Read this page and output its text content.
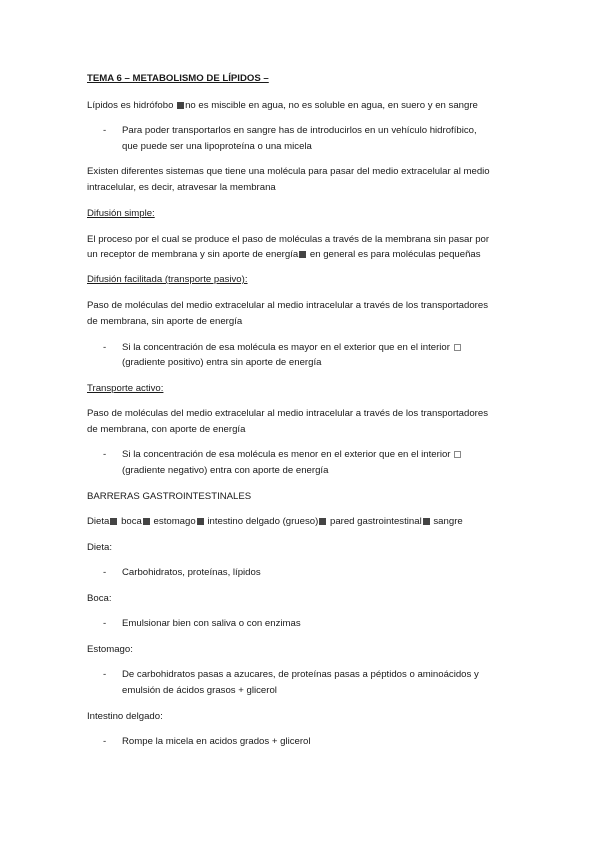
TEMA 6 – METABOLISMO DE LÍPIDOS –
Lípidos es hidrófobo no es miscible en agua, no es soluble en agua, en suero y en sangre
- Para poder transportarlos en sangre has de introducirlos en un vehículo hidrofíbico,
que puede ser una lipoproteína o una micela
Existen diferentes sistemas que tiene una molécula para pasar del medio extracelular al medio
intracelular, es decir, atravesar la membrana
Difusión simple:
El proceso por el cual se produce el paso de moléculas a través de la membrana sin pasar por
un receptor de membrana y sin aporte de energía en general es para moléculas pequeñas
Difusión facilitada (transporte pasivo):
Paso de moléculas del medio extracelular al medio intracelular a través de los transportadores
de membrana, sin aporte de energía
- Si la concentración de esa molécula es mayor en el exterior que en el interior
(gradiente positivo) entra sin aporte de energía
Transporte activo:
Paso de moléculas del medio extracelular al medio intracelular a través de los transportadores
de membrana, con aporte de energía
- Si la concentración de esa molécula es menor en el exterior que en el interior
(gradiente negativo) entra con aporte de energía
BARRERAS GASTROINTESTINALES
Dieta boca estomago intestino delgado (grueso) pared gastrointestinal sangre
Dieta:
- Carbohidratos, proteínas, lípidos
Boca:
- Emulsionar bien con saliva o con enzimas
Estomago:
- De carbohidratos pasas a azucares, de proteínas pasas a péptidos o aminoácidos y
emulsión de ácidos grasos + glicerol
Intestino delgado:
- Rompe la micela en acidos grados + glicerol
